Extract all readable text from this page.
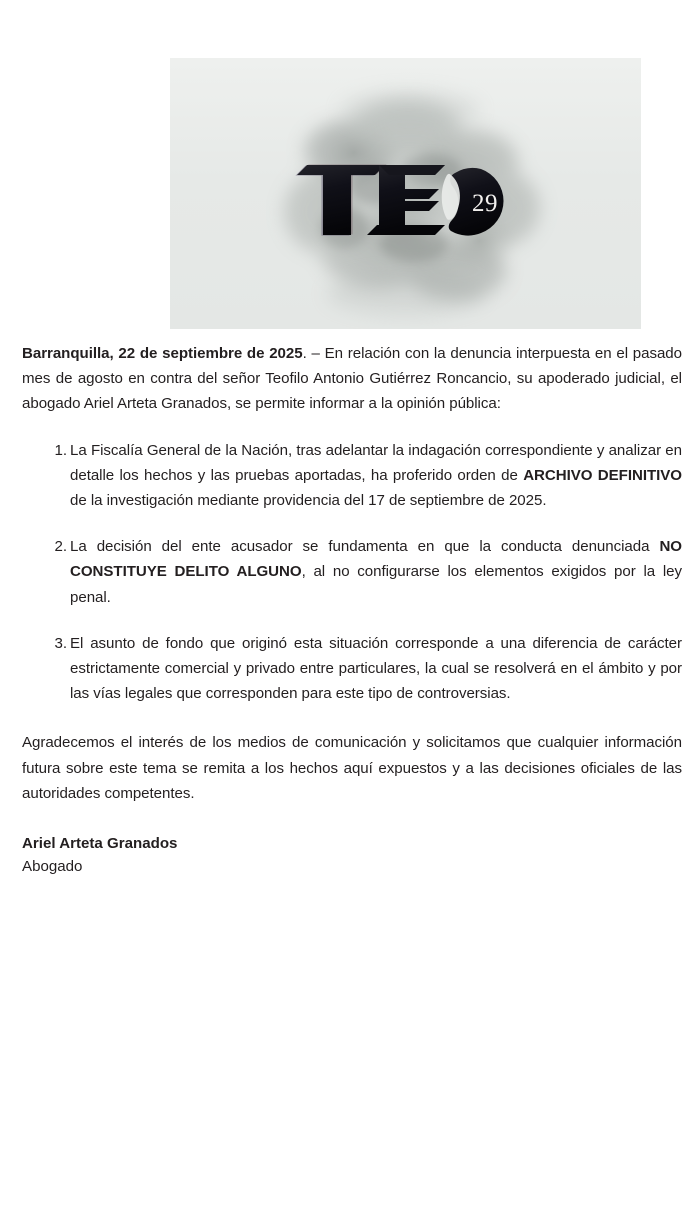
29

Barranquilla, 22 de septiembre de 2025. – En relación con la denuncia interpuesta en el pasado mes de agosto en contra del señor Teofilo Antonio Gutiérrez Roncancio, su apoderado judicial, el abogado Ariel Arteta Granados, se permite informar a la opinión pública:

1. La Fiscalía General de la Nación, tras adelantar la indagación correspondiente y analizar en detalle los hechos y las pruebas aportadas, ha proferido orden de ARCHIVO DEFINITIVO de la investigación mediante providencia del 17 de septiembre de 2025.
2. La decisión del ente acusador se fundamenta en que la conducta denunciada NO CONSTITUYE DELITO ALGUNO, al no configurarse los elementos exigidos por la ley penal.
3. El asunto de fondo que originó esta situación corresponde a una diferencia de carácter estrictamente comercial y privado entre particulares, la cual se resolverá en el ámbito y por las vías legales que corresponden para este tipo de controversias.

Agradecemos el interés de los medios de comunicación y solicitamos que cualquier información futura sobre este tema se remita a los hechos aquí expuestos y a las decisiones oficiales de las autoridades competentes.

Ariel Arteta Granados
Abogado
